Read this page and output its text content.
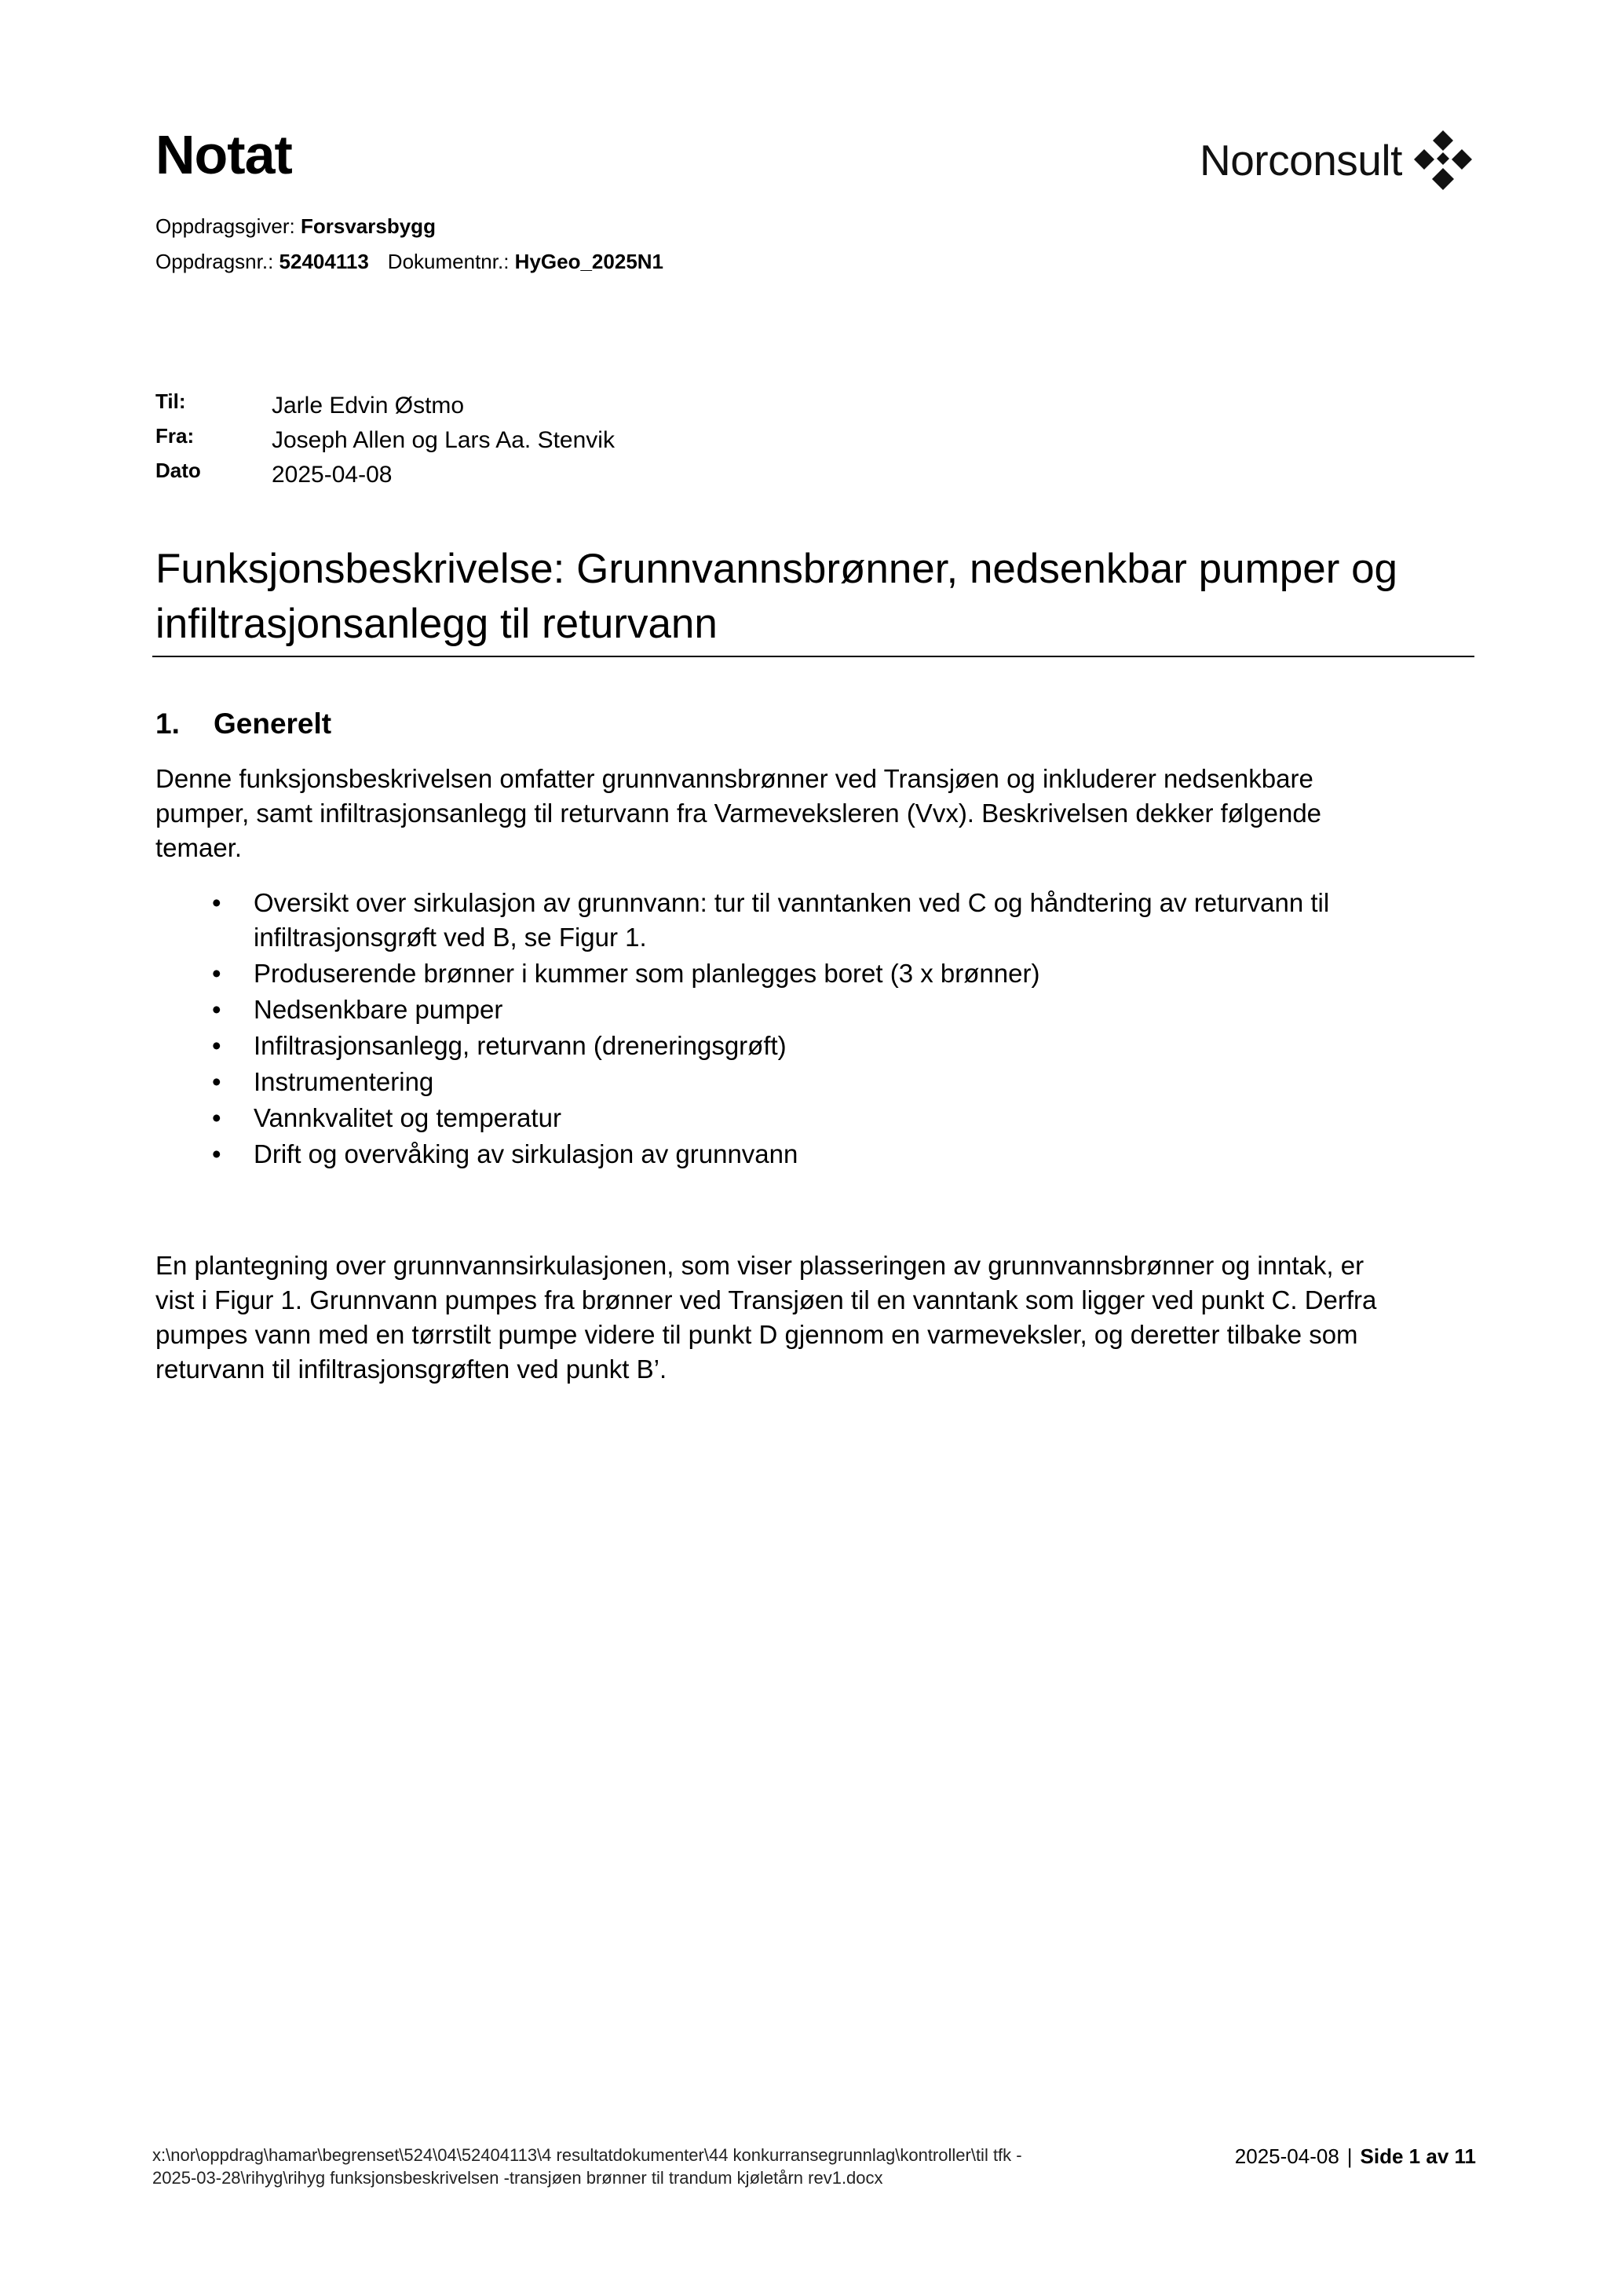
Notat	Norconsult
Oppdragsgiver: Forsvarsbygg
Oppdragsnr.: 52404113 Dokumentnr.: HyGeo_2025N1
Til:	Jarle Edvin Østmo
Fra:	Joseph Allen og Lars Aa. Stenvik
Dato	2025-04-08
Funksjonsbeskrivelse: Grunnvannsbrønner, nedsenkbar pumper og
infiltrasjonsanlegg til returvann
1. Generelt

Denne funksjonsbeskrivelsen omfatter grunnvannsbrønner ved Transjøen og inkluderer nedsenkbare
pumper, samt infiltrasjonsanlegg til returvann fra Varmeveksleren (Vvx). Beskrivelsen dekker følgende
temaer.

• Oversikt over sirkulasjon av grunnvann: tur til vanntanken ved C og håndtering av returvann til
infiltrasjonsgrøft ved B, se Figur 1.
• Produserende brønner i kummer som planlegges boret (3 x brønner)
• Nedsenkbare pumper
• Infiltrasjonsanlegg, returvann (dreneringsgrøft)
• Instrumentering
• Vannkvalitet og temperatur
• Drift og overvåking av sirkulasjon av grunnvann

En plantegning over grunnvannsirkulasjonen, som viser plasseringen av grunnvannsbrønner og inntak, er
vist i Figur 1. Grunnvann pumpes fra brønner ved Transjøen til en vanntank som ligger ved punkt C. Derfra
pumpes vann med en tørrstilt pumpe videre til punkt D gjennom en varmeveksler, og deretter tilbake som
returvann til infiltrasjonsgrøften ved punkt B’.

x:\nor\oppdrag\hamar\begrenset\524\04\52404113\4 resultatdokumenter\44 konkurransegrunnlag\kontroller\til tfk -
2025-03-28\rihyg\rihyg funksjonsbeskrivelsen -transjøen brønner til trandum kjøletårn rev1.docx
2025-04-08 | Side 1 av 11
